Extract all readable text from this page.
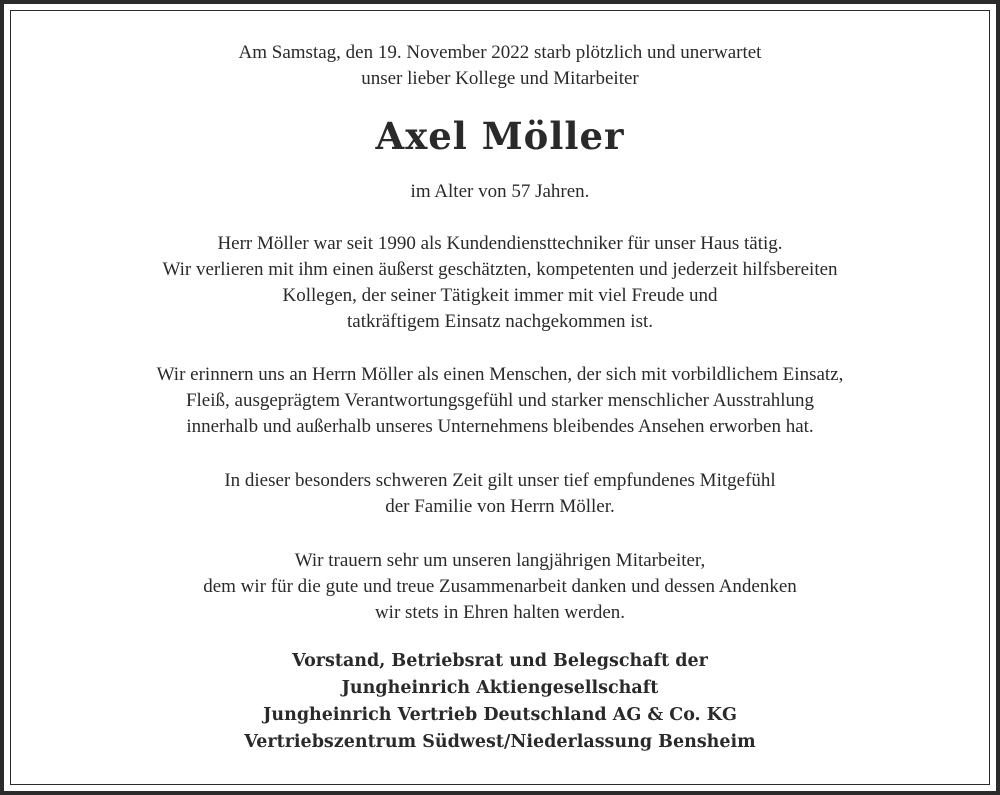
Am Samstag, den 19. November 2022 starb plötzlich und unerwartet
unser lieber Kollege und Mitarbeiter

Axel Möller

im Alter von 57 Jahren.

Herr Möller war seit 1990 als Kundendiensttechniker für unser Haus tätig.
Wir verlieren mit ihm einen äußerst geschätzten, kompetenten und jederzeit hilfsbereiten
Kollegen, der seiner Tätigkeit immer mit viel Freude und
tatkräftigem Einsatz nachgekommen ist.

Wir erinnern uns an Herrn Möller als einen Menschen, der sich mit vorbildlichem Einsatz,
Fleiß, ausgeprägtem Verantwortungsgefühl und starker menschlicher Ausstrahlung
innerhalb und außerhalb unseres Unternehmens bleibendes Ansehen erworben hat.

In dieser besonders schweren Zeit gilt unser tief empfundenes Mitgefühl
der Familie von Herrn Möller.

Wir trauern sehr um unseren langjährigen Mitarbeiter,
dem wir für die gute und treue Zusammenarbeit danken und dessen Andenken
wir stets in Ehren halten werden.

Vorstand, Betriebsrat und Belegschaft der
Jungheinrich Aktiengesellschaft
Jungheinrich Vertrieb Deutschland AG & Co. KG
Vertriebszentrum Südwest/Niederlassung Bensheim
